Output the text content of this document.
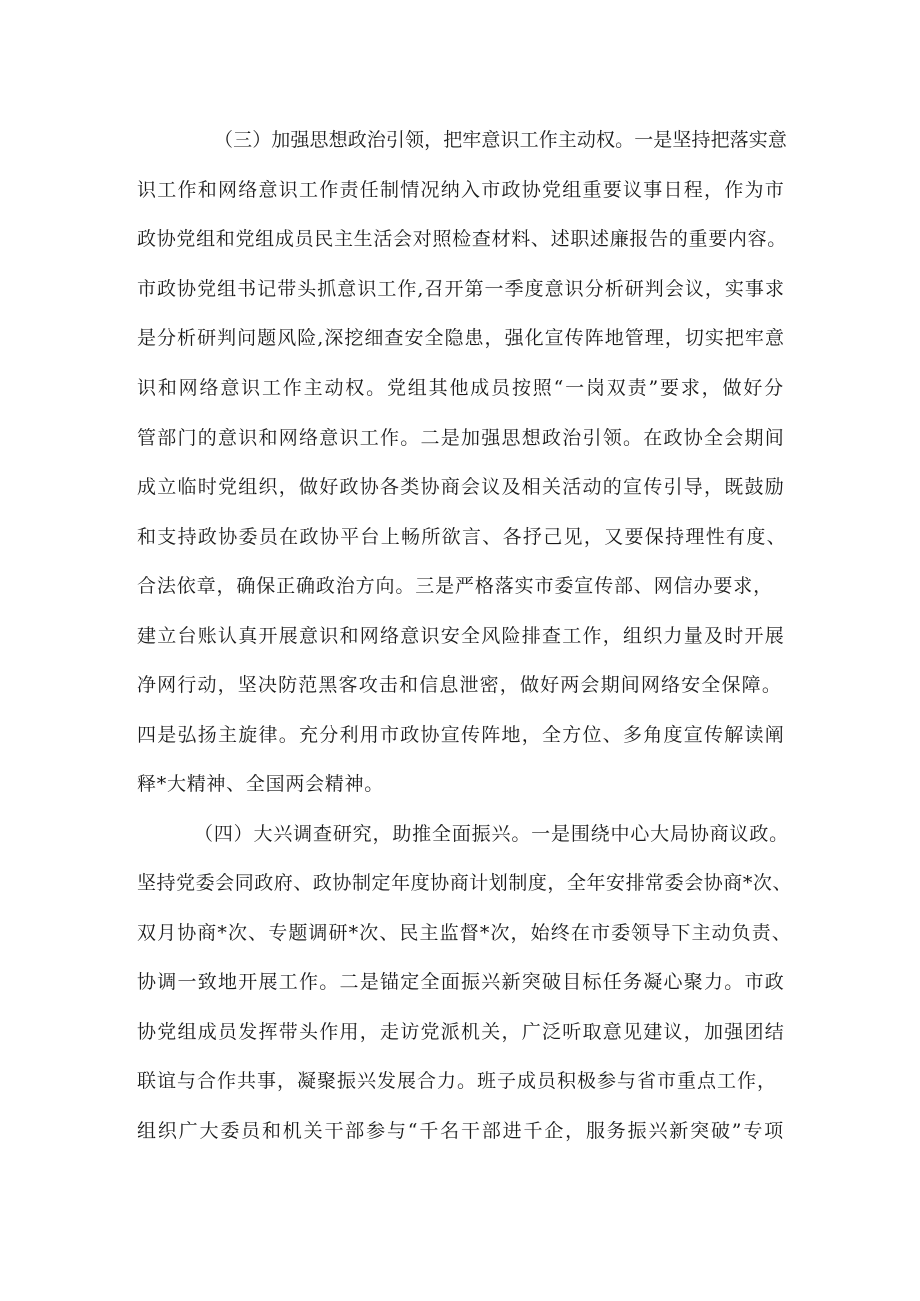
（三）加强思想政治引领，把牢意识工作主动权。一是坚持把落实意
识工作和网络意识工作责任制情况纳入市政协党组重要议事日程，作为市
政协党组和党组成员民主生活会对照检查材料、述职述廉报告的重要内容。
市政协党组书记带头抓意识工作,召开第一季度意识分析研判会议，实事求
是分析研判问题风险,深挖细查安全隐患，强化宣传阵地管理，切实把牢意
识和网络意识工作主动权。党组其他成员按照“一岗双责”要求，做好分
管部门的意识和网络意识工作。二是加强思想政治引领。在政协全会期间
成立临时党组织，做好政协各类协商会议及相关活动的宣传引导，既鼓励
和支持政协委员在政协平台上畅所欲言、各抒己见，又要保持理性有度、
合法依章，确保正确政治方向。三是严格落实市委宣传部、网信办要求，
建立台账认真开展意识和网络意识安全风险排查工作，组织力量及时开展
净网行动，坚决防范黑客攻击和信息泄密，做好两会期间网络安全保障。
四是弘扬主旋律。充分利用市政协宣传阵地，全方位、多角度宣传解读阐
释*大精神、全国两会精神。
（四）大兴调查研究，助推全面振兴。一是围绕中心大局协商议政。
坚持党委会同政府、政协制定年度协商计划制度，全年安排常委会协商*次、
双月协商*次、专题调研*次、民主监督*次，始终在市委领导下主动负责、
协调一致地开展工作。二是锚定全面振兴新突破目标任务凝心聚力。市政
协党组成员发挥带头作用，走访党派机关，广泛听取意见建议，加强团结
联谊与合作共事，凝聚振兴发展合力。班子成员积极参与省市重点工作，
组织广大委员和机关干部参与“千名干部进千企，服务振兴新突破”专项
